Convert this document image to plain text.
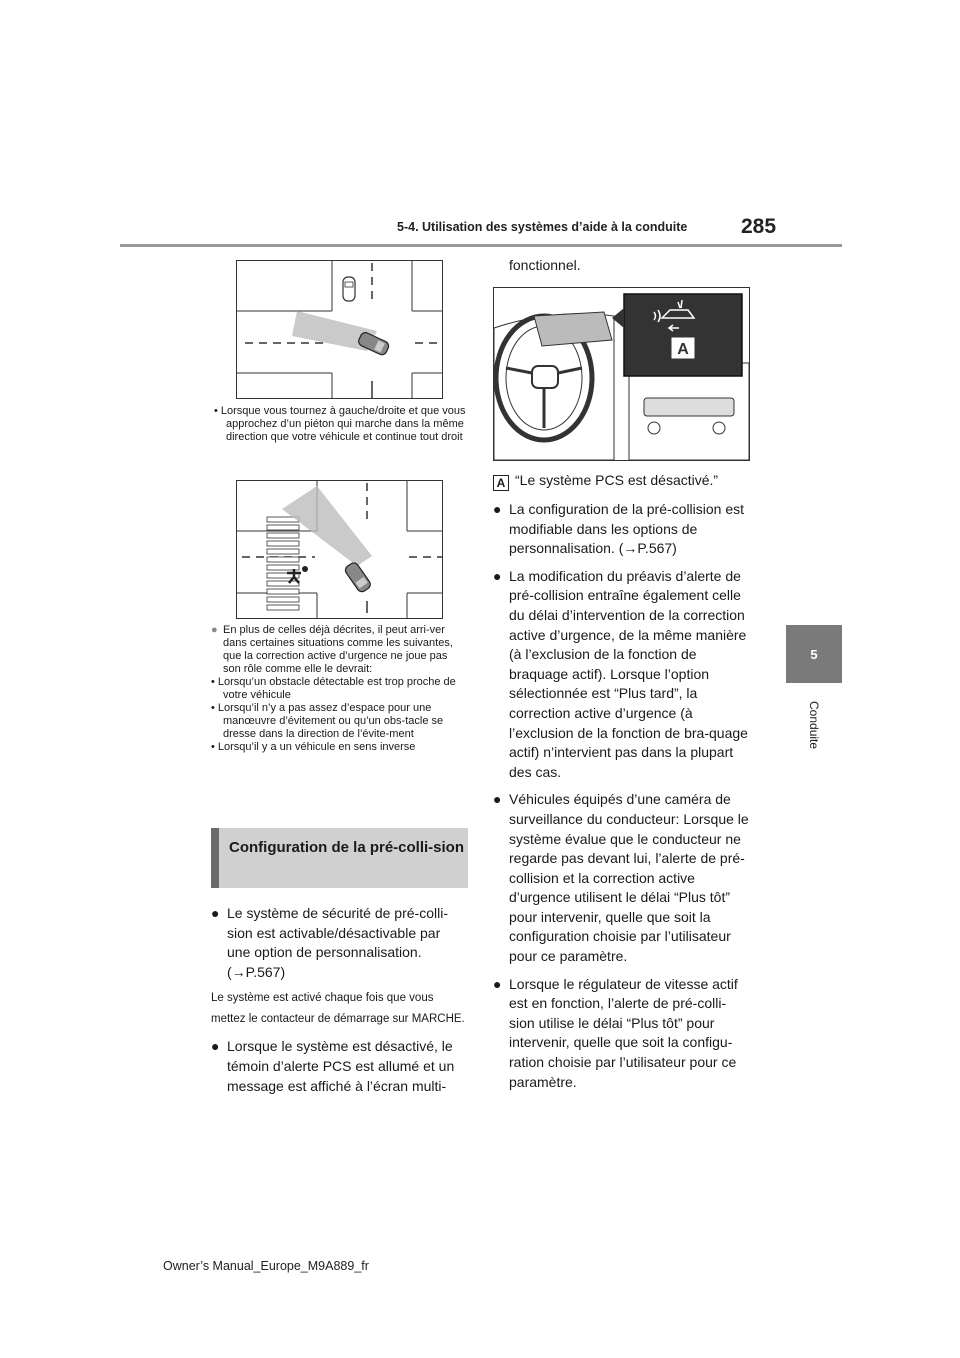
5-4. Utilisation des systèmes d’aide à la conduite	285
5
Conduite

• Lorsque vous tournez à gauche/droite et que vous approchez d’un piéton qui marche dans la même direction que votre véhicule et continue tout droit

● En plus de celles déjà décrites, il peut arri-ver dans certaines situations comme les suivantes, que la correction active d’urgence ne joue pas son rôle comme elle le devrait:

• Lorsqu’un obstacle détectable est trop proche de votre véhicule

• Lorsqu’il n’y a pas assez d’espace pour une manœuvre d’évitement ou qu’un obs-tacle se dresse dans la direction de l’évite-ment

• Lorsqu’il y a un véhicule en sens inverse

Configuration de la pré-colli-sion

● Le système de sécurité de pré-colli-sion est activable/désactivable par une option de personnalisation. (→P.567)

Le système est activé chaque fois que vous mettez le contacteur de démarrage sur MARCHE.

● Lorsque le système est désactivé, le témoin d’alerte PCS est allumé et un message est affiché à l’écran multi-

fonctionnel.
A
A “Le système PCS est désactivé.”

● La configuration de la pré-collision est modifiable dans les options de personnalisation. (→P.567)

● La modification du préavis d’alerte de pré-collision entraîne également celle du délai d’intervention de la correction active d’urgence, de la même manière (à l’exclusion de la fonction de braquage actif). Lorsque l’option sélectionnée est “Plus tard”, la correction active d’urgence (à l’exclusion de la fonction de bra-quage actif) n’intervient pas dans la plupart des cas.

● Véhicules équipés d’une caméra de surveillance du conducteur: Lorsque le système évalue que le conducteur ne regarde pas devant lui, l’alerte de pré-collision et la correction active d’urgence utilisent le délai “Plus tôt” pour intervenir, quelle que soit la configuration choisie par l’utilisateur pour ce paramètre.

● Lorsque le régulateur de vitesse actif est en fonction, l’alerte de pré-colli-sion utilise le délai “Plus tôt” pour intervenir, quelle que soit la configu-ration choisie par l’utilisateur pour ce paramètre.

Owner’s Manual_Europe_M9A889_fr
